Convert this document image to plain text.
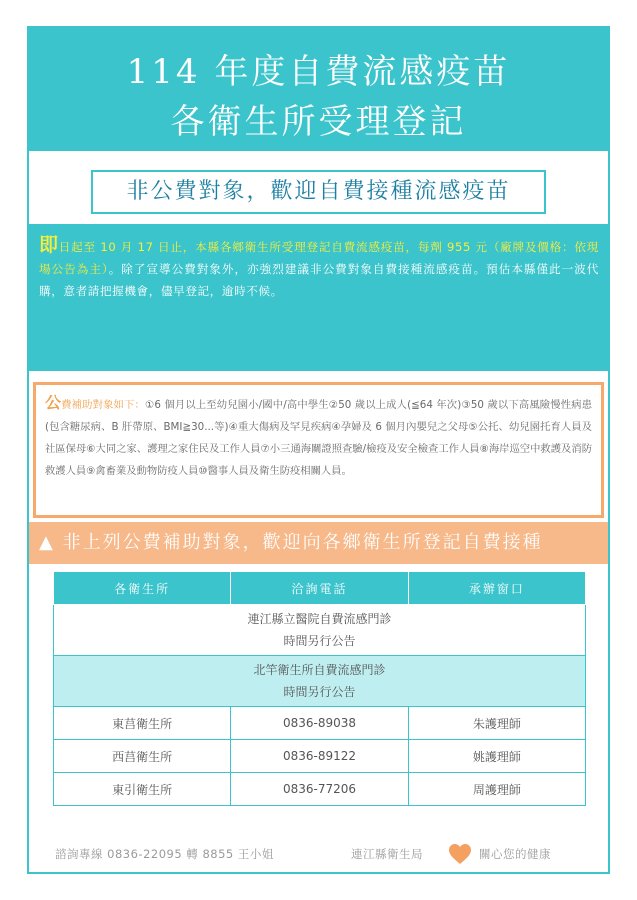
114 年度自費流感疫苗
各衛生所受理登記
非公費對象，歡迎自費接種流感疫苗
即日起至 10 月 17 日止，本縣各鄉衛生所受理登記自費流感疫苗，每劑 955 元（廠牌及價格：依現場公告為主）。除了宣導公費對象外，亦強烈建議非公費對象自費接種流感疫苗。預估本縣僅此一波代購，意者請把握機會，儘早登記，逾時不候。
公費補助對象如下：①6 個月以上至幼兒園小/國中/高中學生②50 歲以上成人(≦64 年次)③50 歲以下高風險慢性病患(包含糖尿病、B 肝帶原、BMI≧30...等)④重大傷病及罕見疾病④孕婦及 6 個月內嬰兒之父母⑤公托、幼兒園托育人員及社區保母⑥大同之家、護理之家住民及工作人員⑦小三通海關證照查驗/檢疫及安全檢查工作人員⑧海岸巡空中救護及消防救護人員⑨禽畜業及動物防疫人員⑩醫事人員及衛生防疫相關人員。
▲ 非上列公費補助對象，歡迎向各鄉衛生所登記自費接種
各衛生所	洽詢電話	承辦窗口
連江縣立醫院自費流感門診
時間另行公告		
北竿衛生所自費流感門診
時間另行公告		
東莒衛生所	0836-89038	朱護理師
西莒衛生所	0836-89122	姚護理師
東引衛生所	0836-77206	周護理師
諮詢專線 0836-22095 轉 8855 王小姐	連江縣衛生局	關心您的健康
